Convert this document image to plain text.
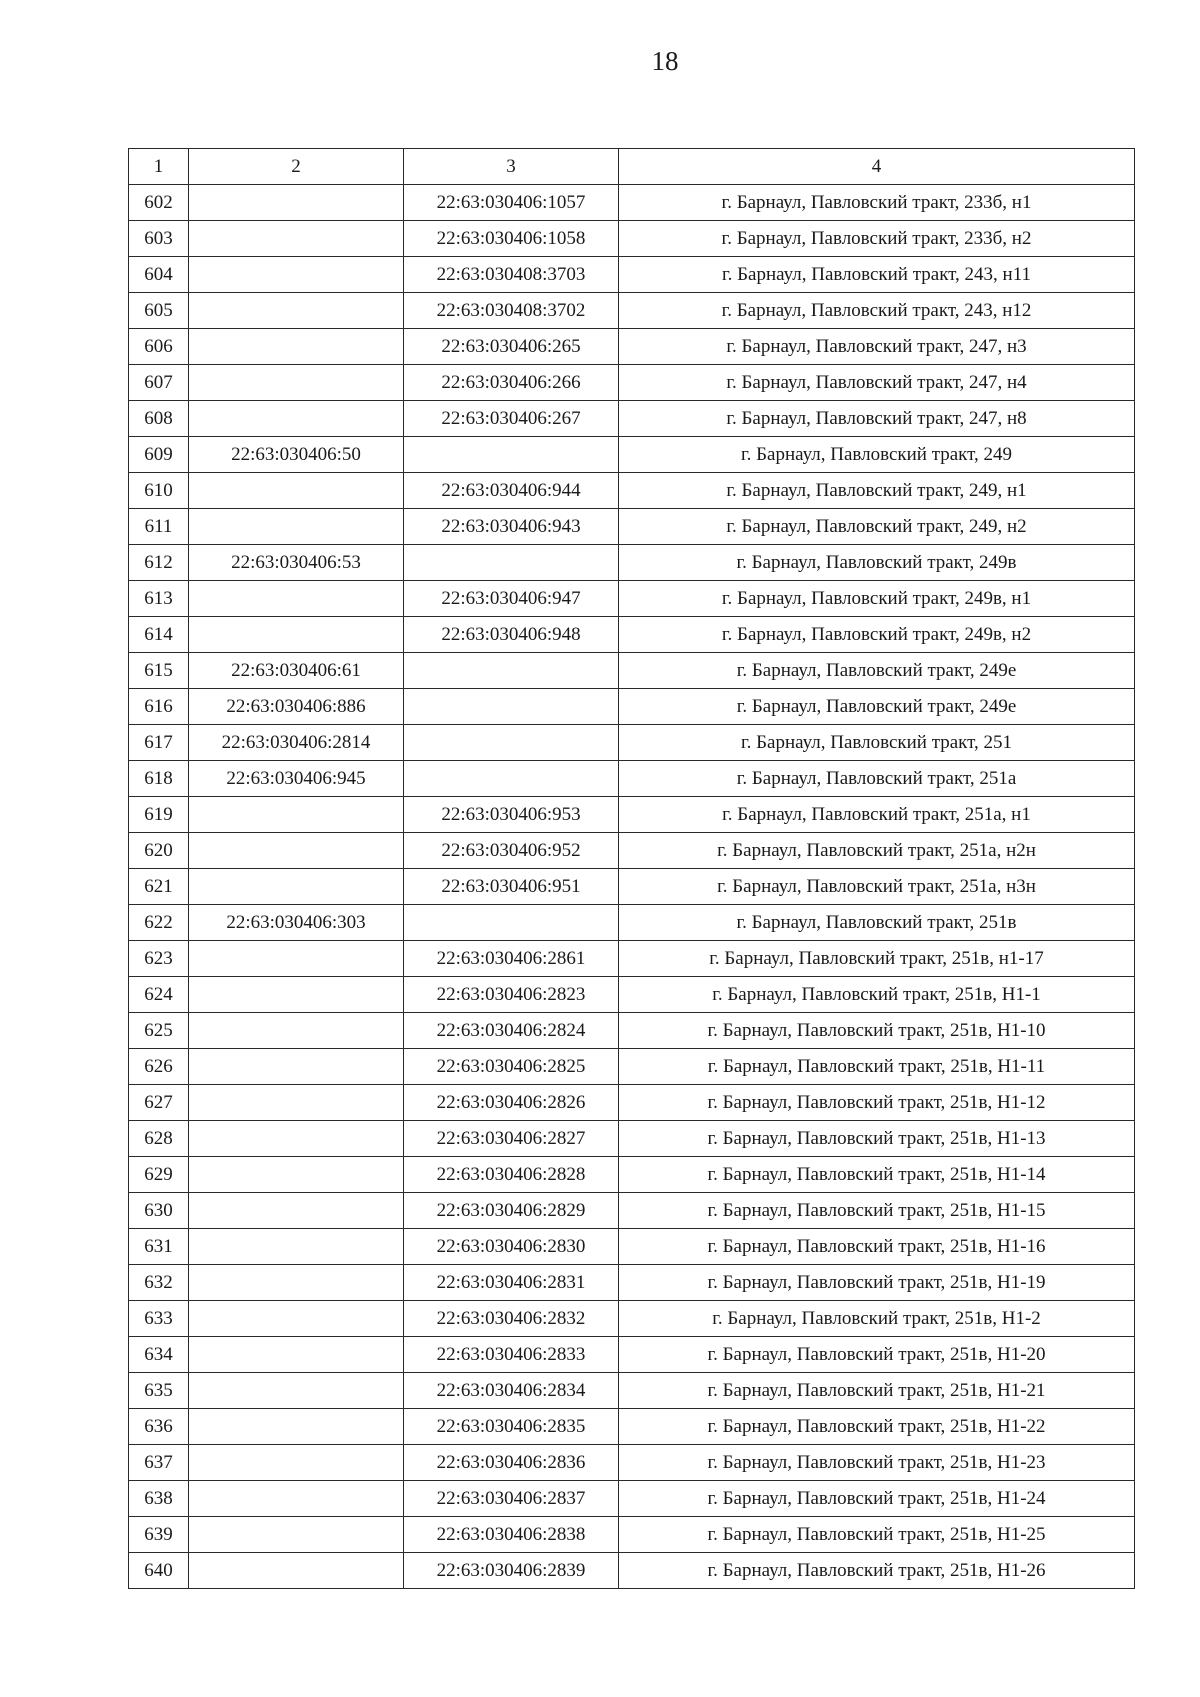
18
1	2	3	4
602		22:63:030406:1057	г. Барнаул, Павловский тракт, 233б, н1
603		22:63:030406:1058	г. Барнаул, Павловский тракт, 233б, н2
604		22:63:030408:3703	г. Барнаул, Павловский тракт, 243, н11
605		22:63:030408:3702	г. Барнаул, Павловский тракт, 243, н12
606		22:63:030406:265	г. Барнаул, Павловский тракт, 247, н3
607		22:63:030406:266	г. Барнаул, Павловский тракт, 247, н4
608		22:63:030406:267	г. Барнаул, Павловский тракт, 247, н8
609	22:63:030406:50		г. Барнаул, Павловский тракт, 249
610		22:63:030406:944	г. Барнаул, Павловский тракт, 249, н1
611		22:63:030406:943	г. Барнаул, Павловский тракт, 249, н2
612	22:63:030406:53		г. Барнаул, Павловский тракт, 249в
613		22:63:030406:947	г. Барнаул, Павловский тракт, 249в, н1
614		22:63:030406:948	г. Барнаул, Павловский тракт, 249в, н2
615	22:63:030406:61		г. Барнаул, Павловский тракт, 249е
616	22:63:030406:886		г. Барнаул, Павловский тракт, 249е
617	22:63:030406:2814		г. Барнаул, Павловский тракт, 251
618	22:63:030406:945		г. Барнаул, Павловский тракт, 251а
619		22:63:030406:953	г. Барнаул, Павловский тракт, 251а, н1
620		22:63:030406:952	г. Барнаул, Павловский тракт, 251а, н2н
621		22:63:030406:951	г. Барнаул, Павловский тракт, 251а, н3н
622	22:63:030406:303		г. Барнаул, Павловский тракт, 251в
623		22:63:030406:2861	г. Барнаул, Павловский тракт, 251в, н1-17
624		22:63:030406:2823	г. Барнаул, Павловский тракт, 251в, Н1-1
625		22:63:030406:2824	г. Барнаул, Павловский тракт, 251в, Н1-10
626		22:63:030406:2825	г. Барнаул, Павловский тракт, 251в, Н1-11
627		22:63:030406:2826	г. Барнаул, Павловский тракт, 251в, Н1-12
628		22:63:030406:2827	г. Барнаул, Павловский тракт, 251в, Н1-13
629		22:63:030406:2828	г. Барнаул, Павловский тракт, 251в, Н1-14
630		22:63:030406:2829	г. Барнаул, Павловский тракт, 251в, Н1-15
631		22:63:030406:2830	г. Барнаул, Павловский тракт, 251в, Н1-16
632		22:63:030406:2831	г. Барнаул, Павловский тракт, 251в, Н1-19
633		22:63:030406:2832	г. Барнаул, Павловский тракт, 251в, Н1-2
634		22:63:030406:2833	г. Барнаул, Павловский тракт, 251в, Н1-20
635		22:63:030406:2834	г. Барнаул, Павловский тракт, 251в, Н1-21
636		22:63:030406:2835	г. Барнаул, Павловский тракт, 251в, Н1-22
637		22:63:030406:2836	г. Барнаул, Павловский тракт, 251в, Н1-23
638		22:63:030406:2837	г. Барнаул, Павловский тракт, 251в, Н1-24
639		22:63:030406:2838	г. Барнаул, Павловский тракт, 251в, Н1-25
640		22:63:030406:2839	г. Барнаул, Павловский тракт, 251в, Н1-26
